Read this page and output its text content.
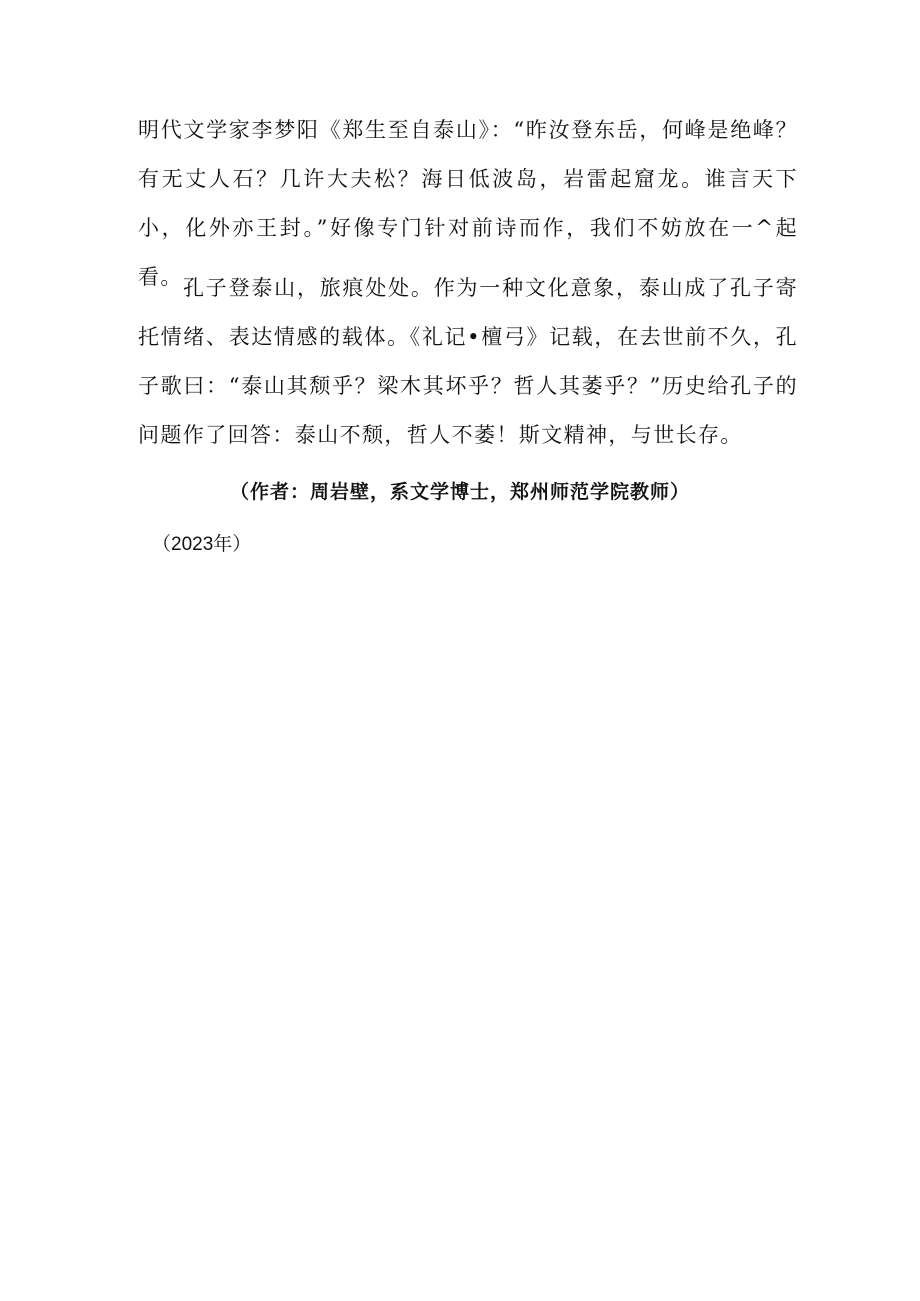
明代文学家李梦阳《郑生至自泰山》：“昨汝登东岳，何峰是绝峰？有无丈人石？几许大夫松？海日低波岛，岩雷起窟龙。谁言天下小，化外亦王封。”好像专门针对前诗而作，我们不妨放在一^起看。 孔子登泰山，旅痕处处。作为一种文化意象，泰山成了孔子寄托情绪、表达情感的载体。《礼记•檀弓》记载，在去世前不久，孔子歌曰：“泰山其颓乎？梁木其坏乎？哲人其萎乎？”历史给孔子的问题作了回答：泰山不颓，哲人不萎！斯文精神，与世长存。

（作者：周岩壁，系文学博士，郑州师范学院教师）

（2023年）
